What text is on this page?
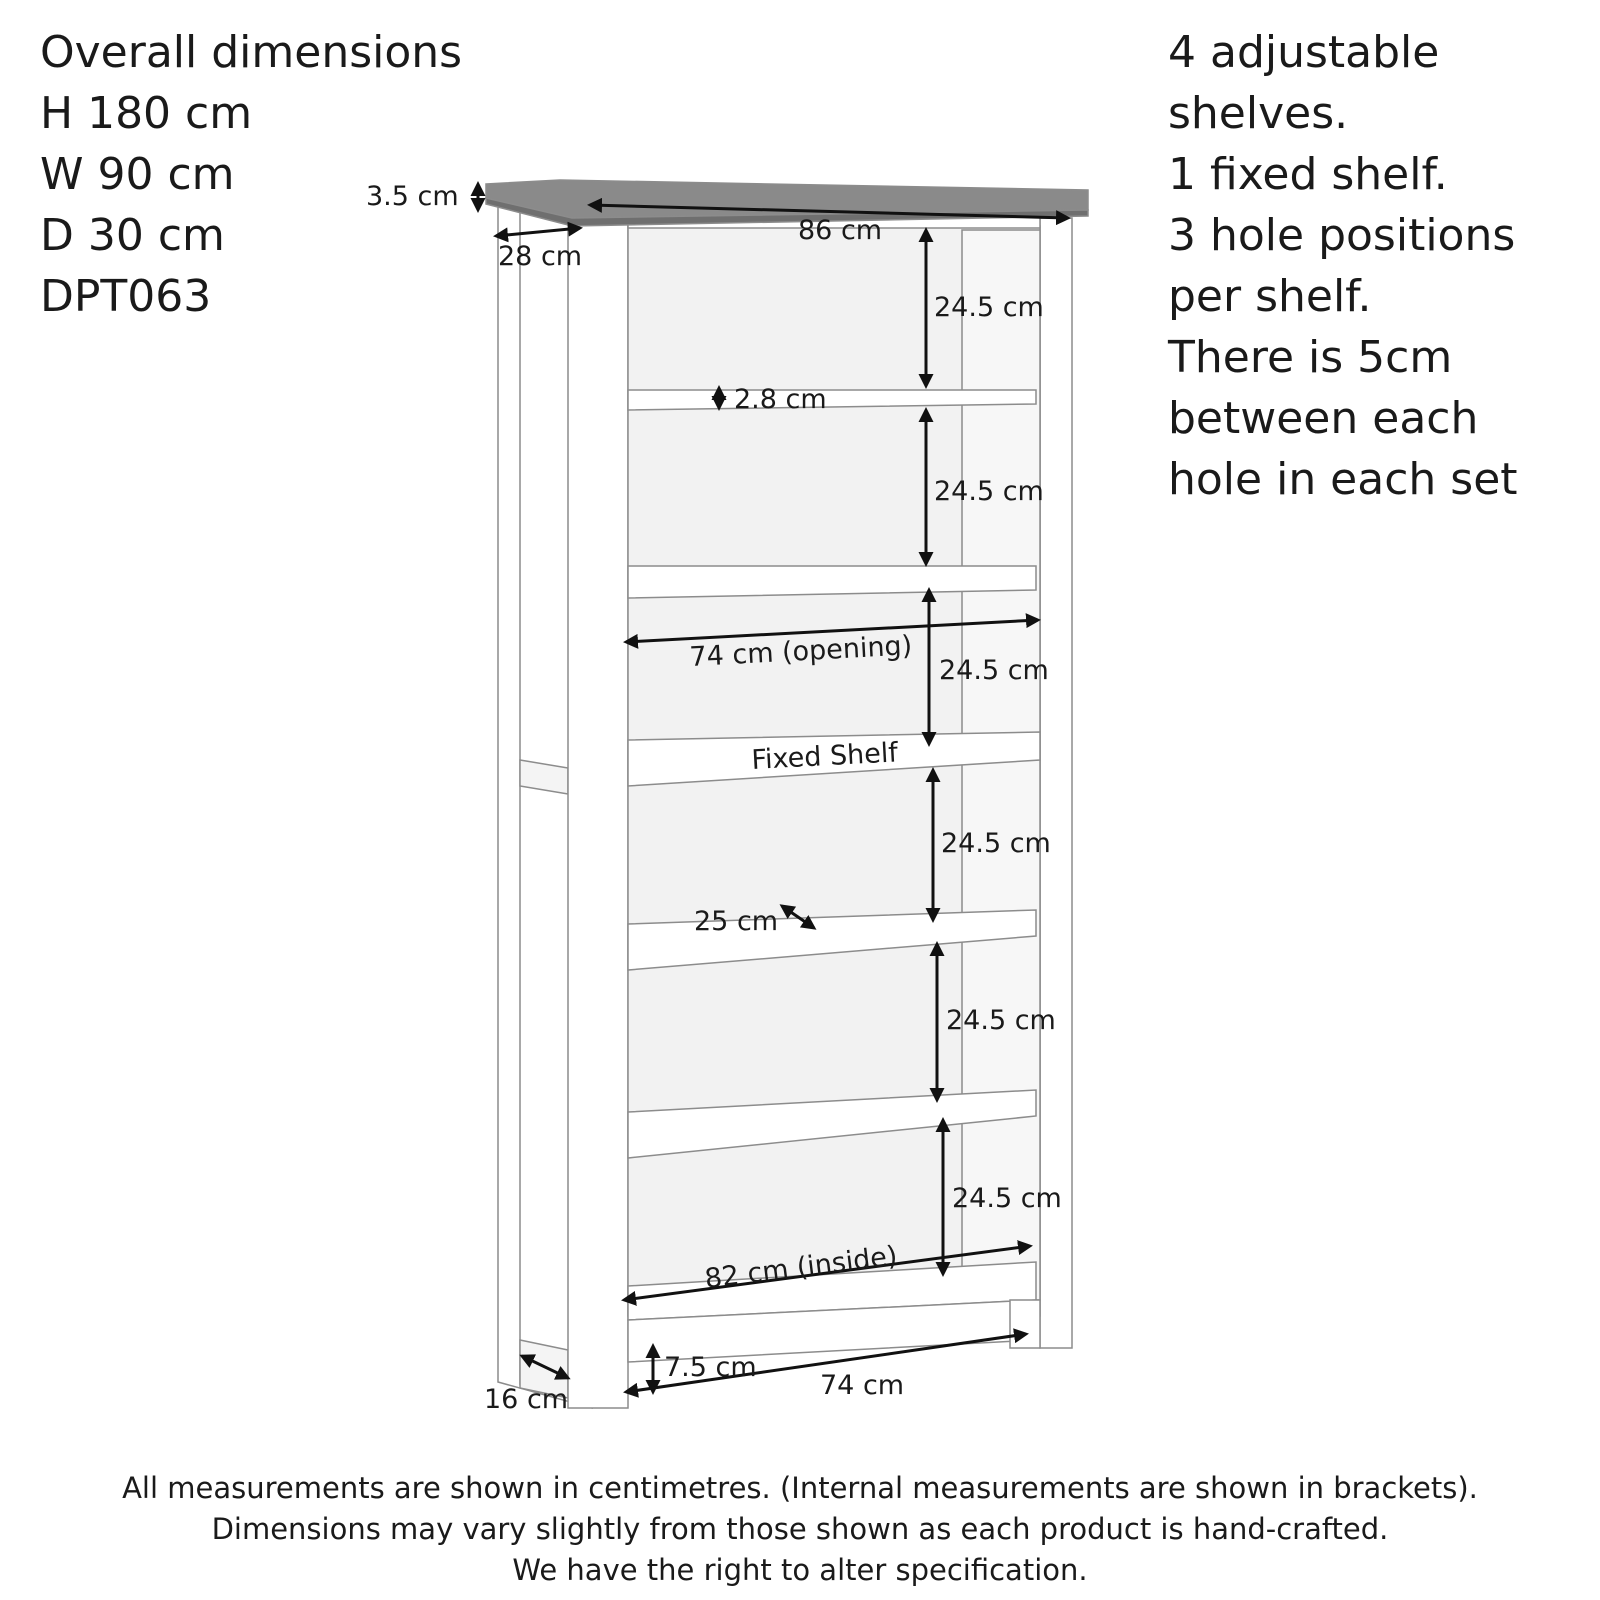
Overall dimensions
H 180 cm
W 90 cm
D 30 cm
DPT063
4 adjustable
shelves.
1 fixed shelf.
3 hole positions
per shelf.
There is 5cm
between each
hole in each set
3.5 cm
86 cm
28 cm
2.8 cm
24.5 cm
24.5 cm
24.5 cm
24.5 cm
24.5 cm
24.5 cm
74 cm (opening)
Fixed Shelf
25 cm
82 cm (inside)
7.5 cm
74 cm
16 cm
All measurements are shown in centimetres. (Internal measurements are shown in brackets).
Dimensions may vary slightly from those shown as each product is hand-crafted.
We have the right to alter specification.
